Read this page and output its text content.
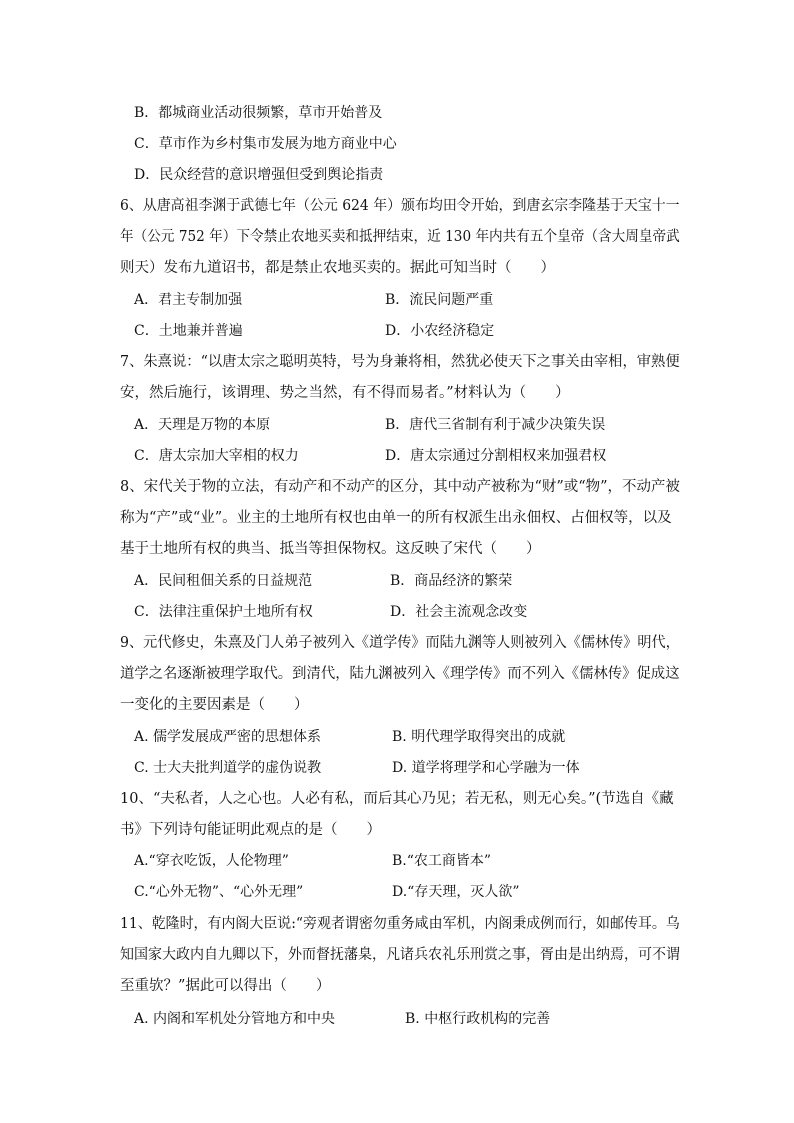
B．都城商业活动很频繁，草市开始普及
C．草市作为乡村集市发展为地方商业中心
D．民众经营的意识增强但受到舆论指责
6、从唐高祖李渊于武德七年（公元 624 年）颁布均田令开始，到唐玄宗李隆基于天宝十一
年（公元 752 年）下令禁止农地买卖和抵押结束，近 130 年内共有五个皇帝（含大周皇帝武
则天）发布九道诏书，都是禁止农地买卖的。据此可知当时（　　）
A．君主专制加强	B．流民问题严重
C．土地兼并普遍	D．小农经济稳定
7、朱熹说：“以唐太宗之聪明英特，号为身兼将相，然犹必使天下之事关由宰相，审熟便
安，然后施行，该谓理、势之当然，有不得而易者。”材料认为（　　）
A．天理是万物的本原	B．唐代三省制有利于减少决策失误
C．唐太宗加大宰相的权力	D．唐太宗通过分割相权来加强君权
8、宋代关于物的立法，有动产和不动产的区分，其中动产被称为“财”或“物”，不动产被
称为“产”或“业”。业主的土地所有权也由单一的所有权派生出永佃权、占佃权等，以及
基于土地所有权的典当、抵当等担保物权。这反映了宋代（　　）
A．民间租佃关系的日益规范	B．商品经济的繁荣
C．法律注重保护土地所有权	D．社会主流观念改变
9、元代修史，朱熹及门人弟子被列入《道学传》而陆九渊等人则被列入《儒林传》明代，
道学之名逐渐被理学取代。到清代，陆九渊被列入《理学传》而不列入《儒林传》促成这
一变化的主要因素是（　　）
A. 儒学发展成严密的思想体系	B. 明代理学取得突出的成就
C. 士大夫批判道学的虚伪说教	D. 道学将理学和心学融为一体
10、“夫私者，人之心也。人必有私，而后其心乃见；若无私，则无心矣。”(节选自《藏
书》下列诗句能证明此观点的是（　　）
A.“穿衣吃饭，人伦物理”	B.“农工商皆本”
C.“心外无物”、“心外无理”	D.“存天理，灭人欲”
11、乾隆时，有内阁大臣说:“旁观者谓密勿重务咸由军机，内阁秉成例而行，如邮传耳。乌
知国家大政内自九卿以下，外而督抚藩臬，凡诸兵农礼乐刑赏之事，胥由是出纳焉，可不谓
至重欤？”据此可以得出（　　）
A. 内阁和军机处分管地方和中央	B. 中枢行政机构的完善
